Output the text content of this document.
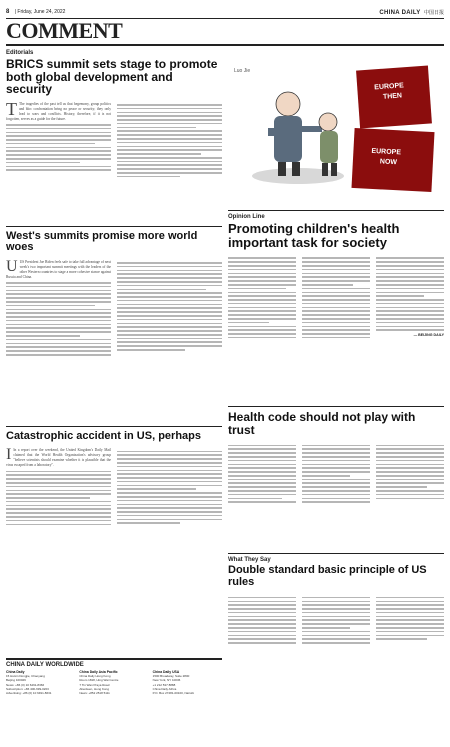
8 | Friday, June 24, 2022	CHINA DAILY 中国日报
COMMENT
Editorials
BRICS summit sets stage to promote both global development and security
T The tragedies of the past tell us that hegemony, group politics and bloc confrontation bring no peace or security; they only lead to wars and conflicts. History, therefore, if it is not forgotten, serves as a guide for the future.
West's summits promise more world woes
U US President Joe Biden feels safe to take full advantage of next week's two important summit meetings with the leaders of the other Western countries to stage a more cohesive stance against Russia and China.
Catastrophic accident in US, perhaps
I In a report over the weekend, the United Kingdom's Daily Mail claimed that the World Health Organization's advisory group "believe scientists should examine whether it is plausible that the virus escaped from a laboratory".
CHINA DAILY WORLDWIDE
China Daily
15 Huixin Dongjie, Chaoyang
Beijing 100029
News: +86 (0) 10 6491-8366
Subscription: +86 400-699-0203
Advertising: +86 (0) 10 6491-8631
China Daily Asia Pacific
China Daily Hong Kong
Room 1818, Hing Wai Centre
7 Tin Wan Praya Road
Aberdeen, Hong Kong
News: +852 2518 5111
China Daily USA
1500 Broadway, Suite 2800
New York, NY 10036
+1 212 537 8888
China Daily Africa
P.O. Box 27281-00100, Nairobi
Luo Jie
EUROPE
THEN
EUROPE
NOW
Opinion Line
Promoting children's health important task for society
— BEIJING DAILY
Health code should not play with trust
What They Say
Double standard basic principle of US rules
